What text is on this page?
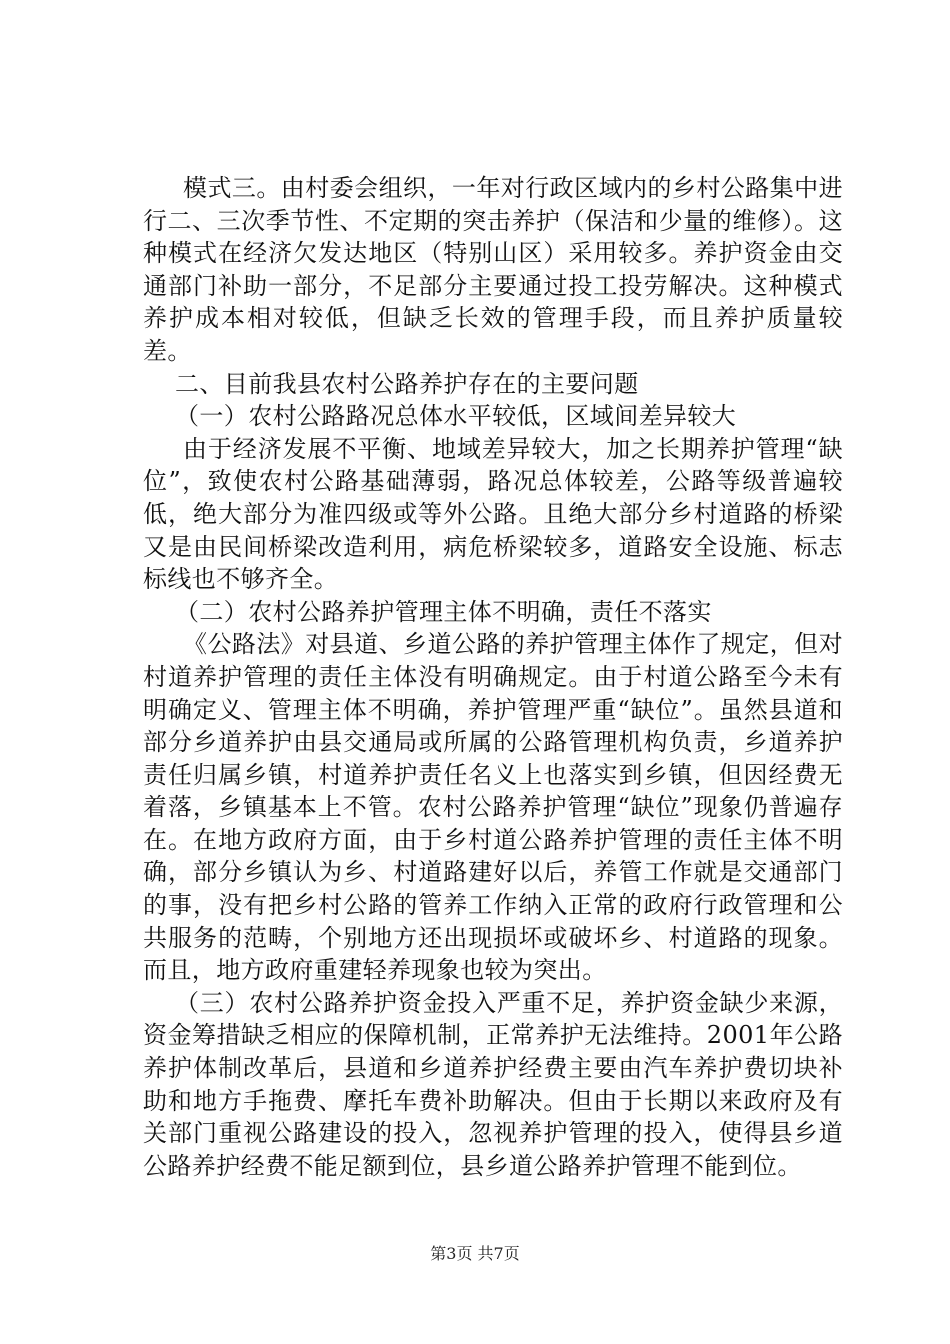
模式三。由村委会组织，一年对行政区域内的乡村公路集中进行二、三次季节性、不定期的突击养护（保洁和少量的维修）。这种模式在经济欠发达地区（特别山区）采用较多。养护资金由交通部门补助一部分，不足部分主要通过投工投劳解决。这种模式养护成本相对较低，但缺乏长效的管理手段，而且养护质量较差。

二、目前我县农村公路养护存在的主要问题

（一）农村公路路况总体水平较低，区域间差异较大

由于经济发展不平衡、地域差异较大，加之长期养护管理“缺位”，致使农村公路基础薄弱，路况总体较差，公路等级普遍较低，绝大部分为准四级或等外公路。且绝大部分乡村道路的桥梁又是由民间桥梁改造利用，病危桥梁较多，道路安全设施、标志标线也不够齐全。

（二）农村公路养护管理主体不明确，责任不落实

《公路法》对县道、乡道公路的养护管理主体作了规定，但对村道养护管理的责任主体没有明确规定。由于村道公路至今未有明确定义、管理主体不明确，养护管理严重“缺位”。虽然县道和部分乡道养护由县交通局或所属的公路管理机构负责，乡道养护责任归属乡镇，村道养护责任名义上也落实到乡镇，但因经费无着落，乡镇基本上不管。农村公路养护管理“缺位”现象仍普遍存在。在地方政府方面，由于乡村道公路养护管理的责任主体不明确，部分乡镇认为乡、村道路建好以后，养管工作就是交通部门的事，没有把乡村公路的管养工作纳入正常的政府行政管理和公共服务的范畴，个别地方还出现损坏或破坏乡、村道路的现象。而且，地方政府重建轻养现象也较为突出。

（三）农村公路养护资金投入严重不足，养护资金缺少来源，资金筹措缺乏相应的保障机制，正常养护无法维持。2001年公路养护体制改革后，县道和乡道养护经费主要由汽车养护费切块补助和地方手拖费、摩托车费补助解决。但由于长期以来政府及有关部门重视公路建设的投入，忽视养护管理的投入，使得县乡道公路养护经费不能足额到位，县乡道公路养护管理不能到位。

第3页 共7页
